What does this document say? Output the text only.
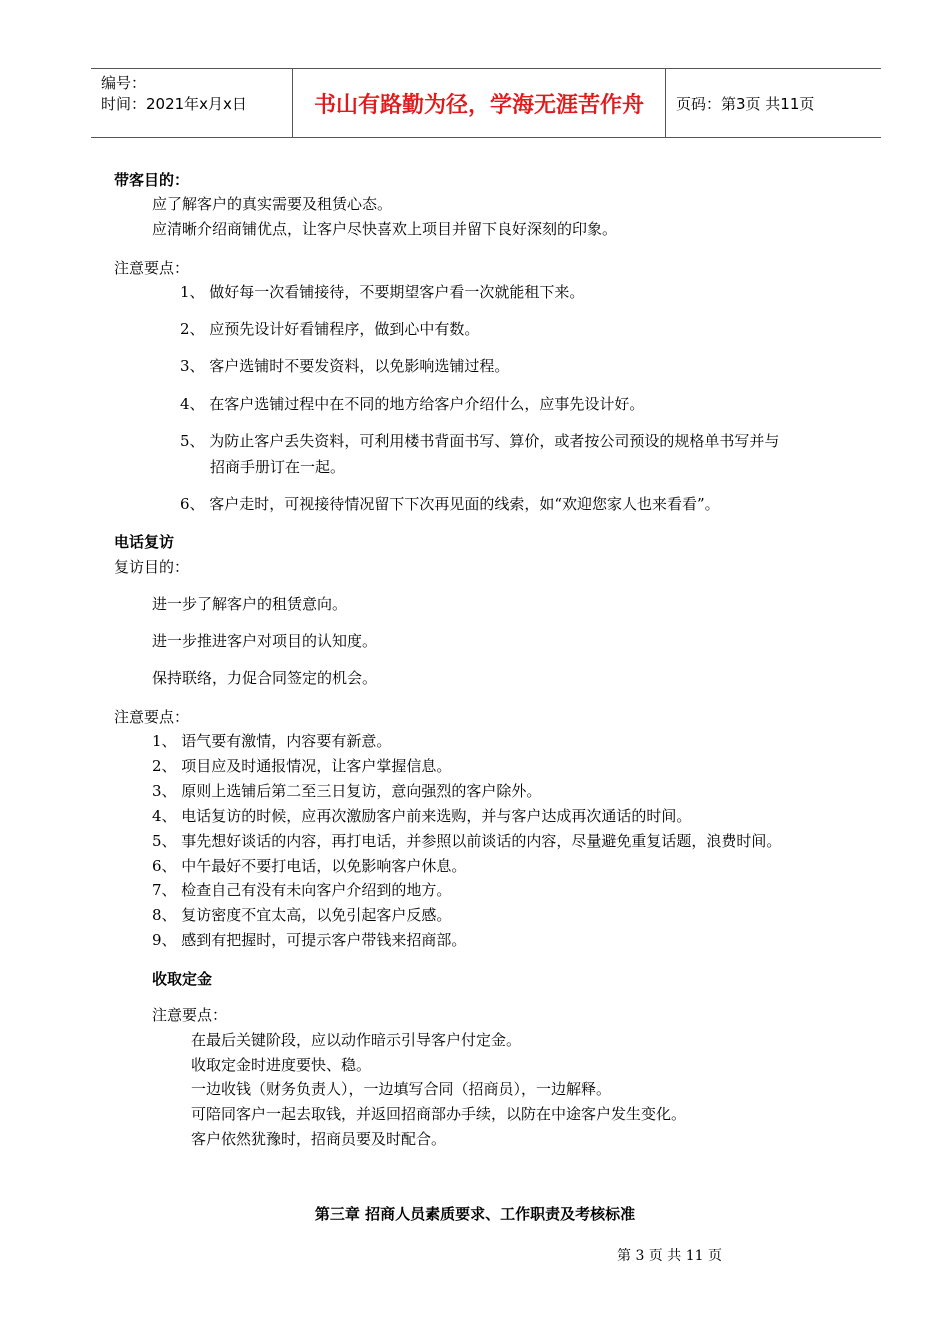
编号：
时间：2021年x月x日	书山有路勤为径，学海无涯苦作舟	页码：第3页 共11页
带客目的：
应了解客户的真实需要及租赁心态。
应清晰介绍商铺优点，让客户尽快喜欢上项目并留下良好深刻的印象。
注意要点：
1、 做好每一次看铺接待，不要期望客户看一次就能租下来。
2、 应预先设计好看铺程序，做到心中有数。
3、 客户选铺时不要发资料，以免影响选铺过程。
4、 在客户选铺过程中在不同的地方给客户介绍什么，应事先设计好。
5、 为防止客户丢失资料，可利用楼书背面书写、算价，或者按公司预设的规格单书写并与
招商手册订在一起。
6、 客户走时，可视接待情况留下下次再见面的线索，如“欢迎您家人也来看看”。
电话复访
复访目的：
进一步了解客户的租赁意向。
进一步推进客户对项目的认知度。
保持联络，力促合同签定的机会。
注意要点：
1、 语气要有激情，内容要有新意。
2、 项目应及时通报情况，让客户掌握信息。
3、 原则上选铺后第二至三日复访，意向强烈的客户除外。
4、 电话复访的时候，应再次激励客户前来选购，并与客户达成再次通话的时间。
5、 事先想好谈话的内容，再打电话，并参照以前谈话的内容，尽量避免重复话题，浪费时间。
6、 中午最好不要打电话，以免影响客户休息。
7、 检查自己有没有未向客户介绍到的地方。
8、 复访密度不宜太高，以免引起客户反感。
9、 感到有把握时，可提示客户带钱来招商部。
收取定金
注意要点：
在最后关键阶段，应以动作暗示引导客户付定金。
收取定金时进度要快、稳。
一边收钱（财务负责人），一边填写合同（招商员），一边解释。
可陪同客户一起去取钱，并返回招商部办手续，以防在中途客户发生变化。
客户依然犹豫时，招商员要及时配合。
第三章 招商人员素质要求、工作职责及考核标准
第 3 页 共 11 页
